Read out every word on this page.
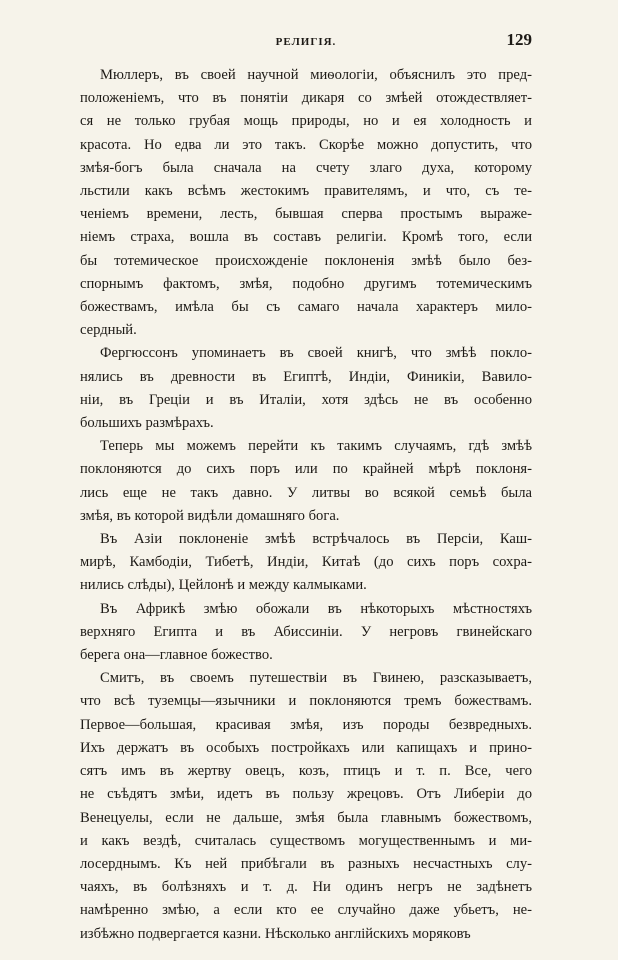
РЕЛИГІЯ.	129
Мюллеръ, въ своей научной миѳологіи, объяснилъ это пред-
положеніемъ, что въ понятіи дикаря со змѣей отождествляет-
ся не только грубая мощь природы, но и ея холодность и
красота. Но едва ли это такъ. Скорѣе можно допустить, что
змѣя-богъ была сначала на счету злаго духа, которому
льстили какъ всѣмъ жестокимъ правителямъ, и что, съ те-
ченіемъ времени, лесть, бывшая сперва простымъ выраже-
ніемъ страха, вошла въ составъ религіи. Кромѣ того, если
бы тотемическое происхожденіе поклоненія змѣѣ было без-
спорнымъ фактомъ, змѣя, подобно другимъ тотемическимъ
божествамъ, имѣла бы съ самаго начала характеръ мило-
сердный.
Фергюссонъ упоминаетъ въ своей книгѣ, что змѣѣ покло-
нялись въ древности въ Египтѣ, Индіи, Финикіи, Вавило-
ніи, въ Греціи и въ Италіи, хотя здѣсь не въ особенно
большихъ размѣрахъ.
Теперь мы можемъ перейти къ такимъ случаямъ, гдѣ змѣѣ
поклоняются до сихъ поръ или по крайней мѣрѣ поклоня-
лись еще не такъ давно. У литвы во всякой семьѣ была
змѣя, въ которой видѣли домашняго бога.
Въ Азіи поклоненіе змѣѣ встрѣчалось въ Персіи, Каш-
мирѣ, Камбодіи, Тибетѣ, Индіи, Китаѣ (до сихъ поръ сохра-
нились слѣды), Цейлонѣ и между калмыками.
Въ Африкѣ змѣю обожали въ нѣкоторыхъ мѣстностяхъ
верхняго Египта и въ Абиссиніи. У негровъ гвинейскаго
берега она—главное божество.
Смитъ, въ своемъ путешествіи въ Гвинею, разсказываетъ,
что всѣ туземцы—язычники и поклоняются тремъ божествамъ.
Первое—большая, красивая змѣя, изъ породы безвредныхъ.
Ихъ держатъ въ особыхъ постройкахъ или капищахъ и прино-
сятъ имъ въ жертву овецъ, козъ, птицъ и т. п. Все, чего
не съѣдятъ змѣи, идетъ въ пользу жрецовъ. Отъ Либеріи до
Венецуелы, если не дальше, змѣя была главнымъ божествомъ,
и какъ вездѣ, считалась существомъ могущественнымъ и ми-
лосерднымъ. Къ ней прибѣгали въ разныхъ несчастныхъ слу-
чаяхъ, въ болѣзняхъ и т. д. Ни одинъ негръ не задѣнетъ
намѣренно змѣю, а если кто ее случайно даже убьетъ, не-
избѣжно подвергается казни. Нѣсколько англійскихъ моряковъ
